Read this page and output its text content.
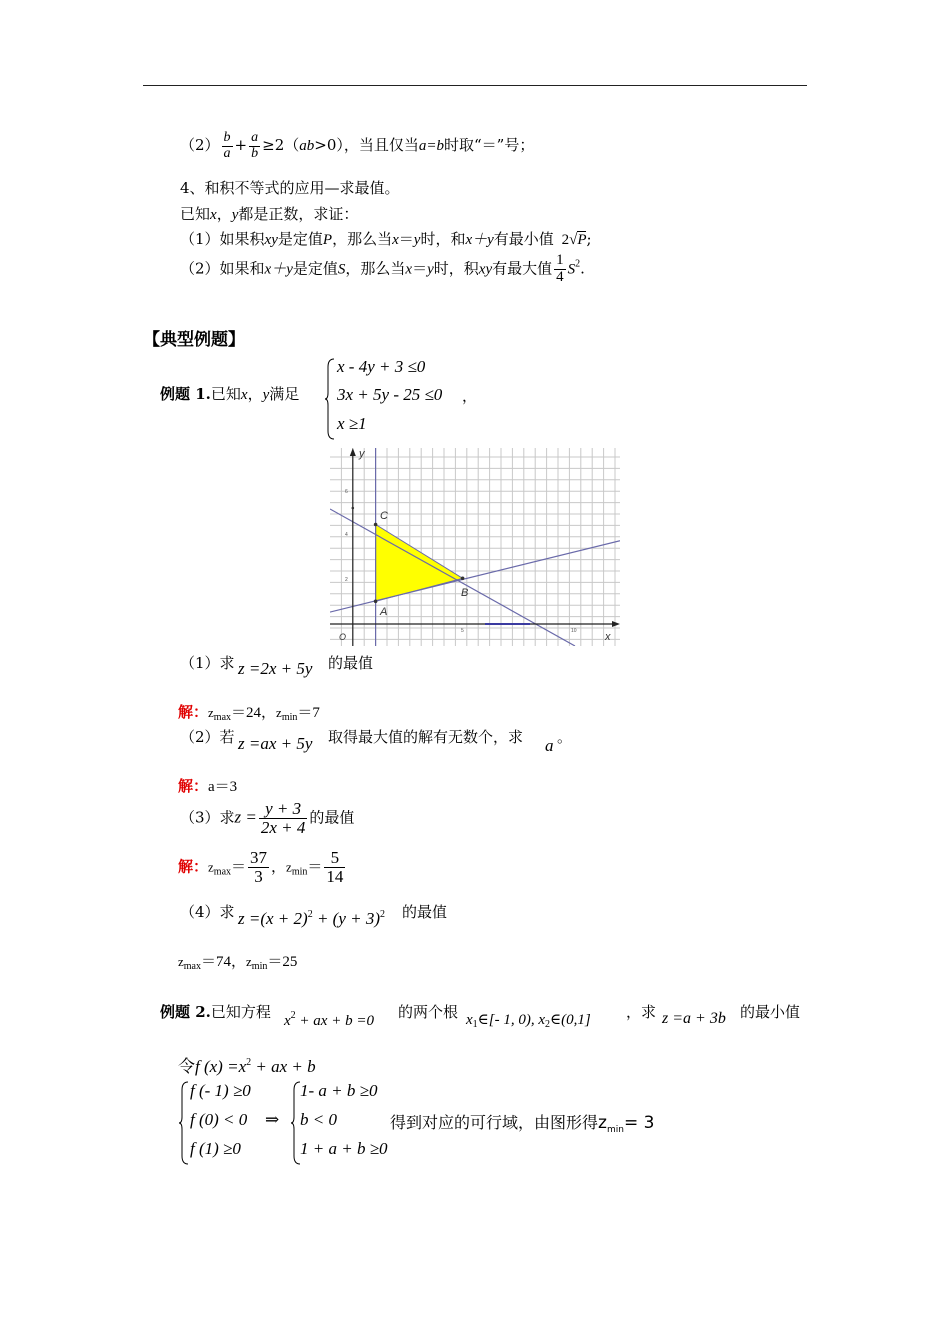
$(2) \frac{b}{a} + \frac{a}{b} \ge 2(ab>0)$，当且仅当a=b时取“＝”号；
4、和积不等式的应用—求最值。
已知x，y都是正数，求证：
（1）如果积xy是定值P，那么当x＝y时，和x＋y有最小值 2√P;
（2）如果和x＋y是定值S，那么当x＝y时，积xy有最大值 $\frac{1}{4} S^2$.
【典型例题】
例题 1.已知x，y满足
x - 4y + 3 ≤0
3x + 5y - 25 ≤0
x ≥1
，
y
x
O
C
B
A
6
4
2
5	10
（1）求 z =2x + 5y 的最值
解：$z_{max}=24$，$z_{min}=7$
（2）若 z =ax + 5y 取得最大值的解有无数个，求 a 。
解：a＝3
（3）求$z = \frac{y + 3}{2x + 4}$ 的最值
解：$z_{max}= \frac{37}{3}$ ，$z_{min}= \frac{5}{14}$
（4）求 $z =(x + 2)^2 + (y + 3)^2$ 的最值
$z_{max}=74$，$z_{min}=25$
例题 2.已知方程 $x^2$ + ax + b =0 的两个根 $x_1\in[-$ 1, 0), $x_2\in(0,1]$ ，求 z =a + 3b 的最小值
令f $(x) =x^2$ + ax + b
f (- 1) ≥0
f (0) < 0
f (1) ≥0
⇒
1- a + b ≥0
b < 0
1 + a + b ≥0
得到对应的可行域，由图形得$z_{min}= 3$
